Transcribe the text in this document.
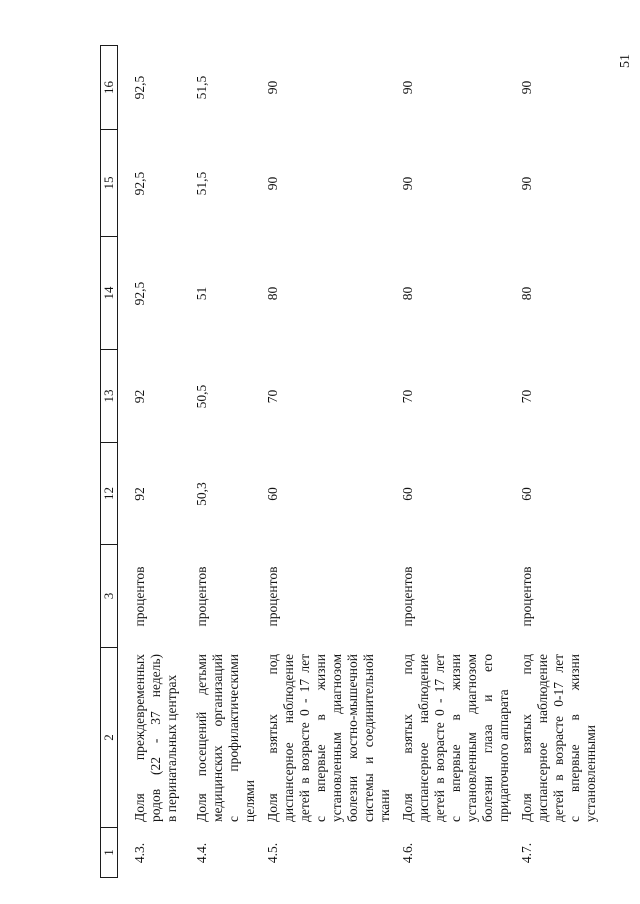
51
1
2
3
12
13
14
15
16
4.3.
Доля преждевременных родов (22 - 37 недель) в перинатальных центрах
процентов
92
92
92,5
92,5
92,5
4.4.
Доля посещений детьми медицинских организаций с профилактическими целями
процентов
50,3
50,5
51
51,5
51,5
4.5.
Доля взятых под диспансерное наблюдение детей в возрасте 0 - 17 лет с впервые в жизни установленным диагнозом болезни костно-мышечной системы и соединительной ткани
процентов
60
70
80
90
90
4.6.
Доля взятых под диспансерное наблюдение детей в возрасте 0 - 17 лет с впервые в жизни установленным диагнозом болезни глаза и его придаточного аппарата
процентов
60
70
80
90
90
4.7.
Доля взятых под диспансерное наблюдение детей в возрасте 0-17 лет с впервые в жизни установленными
процентов
60
70
80
90
90
